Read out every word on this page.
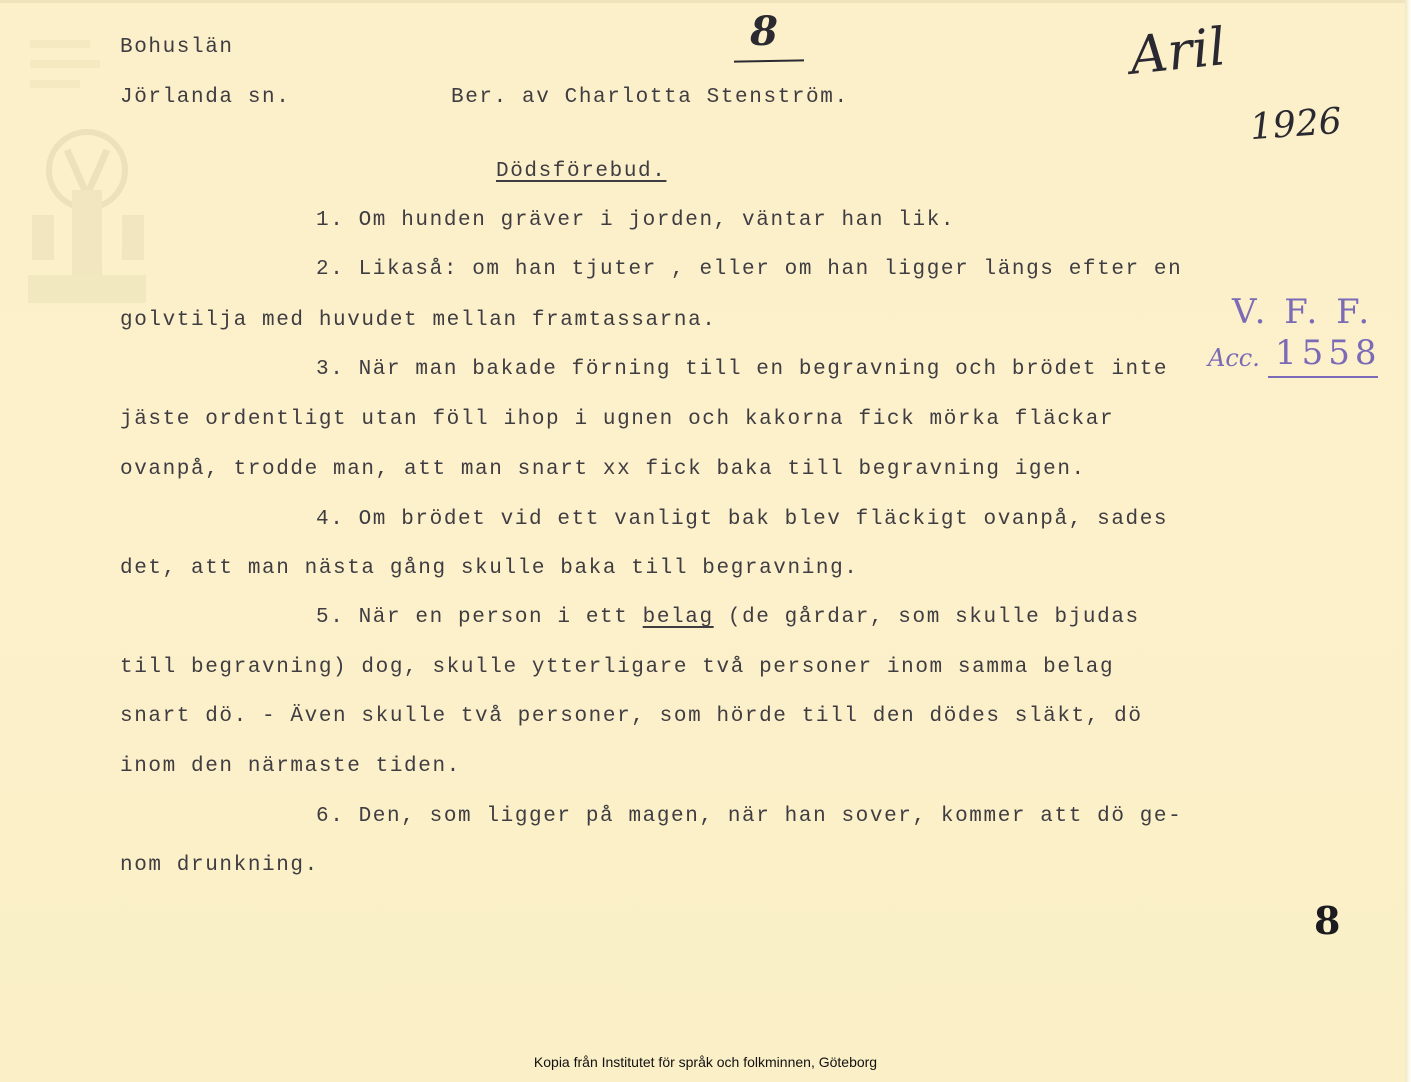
Bohuslän
Jörlanda sn.	Ber. av Charlotta Stenström.
8	Aril
1926
V. F. F.
Acc. 1558
Dödsförebud.
1. Om hunden gräver i jorden, väntar han lik.
2. Likaså: om han tjuter , eller om han ligger längs efter en
golvtilja med huvudet mellan framtassarna.
3. När man bakade förning till en begravning och brödet inte
jäste ordentligt utan föll ihop i ugnen och kakorna fick mörka fläckar
ovanpå, trodde man, att man snart xx fick baka till begravning igen.
4. Om brödet vid ett vanligt bak blev fläckigt ovanpå, sades
det, att man nästa gång skulle baka till begravning.
5. När en person i ett belag (de gårdar, som skulle bjudas
till begravning) dog, skulle ytterligare två personer inom samma belag
snart dö. - Även skulle två personer, som hörde till den dödes släkt, dö
inom den närmaste tiden.
6. Den, som ligger på magen, när han sover, kommer att dö ge-
nom drunkning.
8
Kopia från Institutet för språk och folkminnen, Göteborg
